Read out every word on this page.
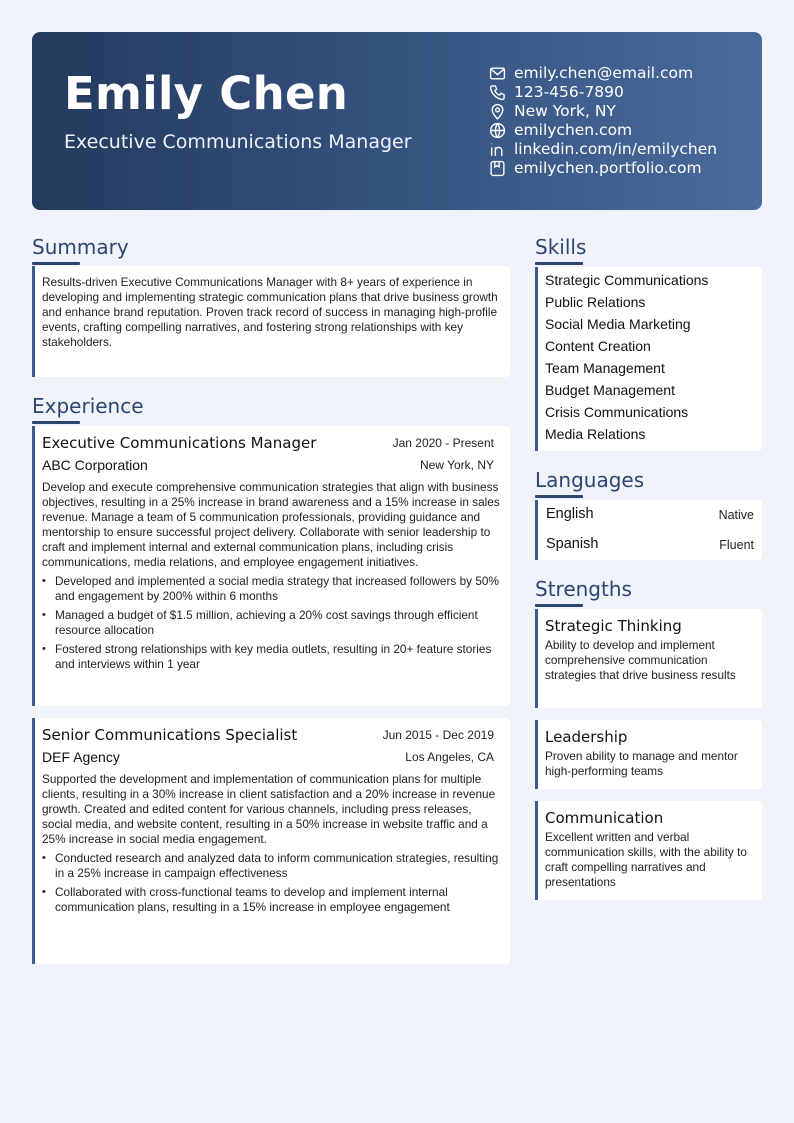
Emily Chen
Executive Communications Manager
emily.chen@email.com
123-456-7890
New York, NY
emilychen.com
linkedin.com/in/emilychen
emilychen.portfolio.com
Summary

Results-driven Executive Communications Manager with 8+ years of experience in developing and implementing strategic communication plans that drive business growth and enhance brand reputation. Proven track record of success in managing high-profile events, crafting compelling narratives, and fostering strong relationships with key stakeholders.

Experience
Executive Communications Manager	Jan 2020 - Present
ABC Corporation	New York, NY

Develop and execute comprehensive communication strategies that align with business objectives, resulting in a 25% increase in brand awareness and a 15% increase in sales revenue. Manage a team of 5 communication professionals, providing guidance and mentorship to ensure successful project delivery. Collaborate with senior leadership to craft and implement internal and external communication plans, including crisis communications, media relations, and employee engagement initiatives.

• Developed and implemented a social media strategy that increased followers by 50% and engagement by 200% within 6 months
• Managed a budget of $1.5 million, achieving a 20% cost savings through efficient resource allocation
• Fostered strong relationships with key media outlets, resulting in 20+ feature stories and interviews within 1 year
Senior Communications Specialist	Jun 2015 - Dec 2019
DEF Agency	Los Angeles, CA

Supported the development and implementation of communication plans for multiple clients, resulting in a 30% increase in client satisfaction and a 20% increase in revenue growth. Created and edited content for various channels, including press releases, social media, and website content, resulting in a 50% increase in website traffic and a 25% increase in social media engagement.

• Conducted research and analyzed data to inform communication strategies, resulting in a 25% increase in campaign effectiveness
• Collaborated with cross-functional teams to develop and implement internal communication plans, resulting in a 15% increase in employee engagement
Skills
Strategic Communications
Public Relations
Social Media Marketing
Content Creation
Team Management
Budget Management
Crisis Communications
Media Relations
Languages
English	Native
Spanish	Fluent
Strengths
Strategic Thinking

Ability to develop and implement comprehensive communication strategies that drive business results

Leadership

Proven ability to manage and mentor high-performing teams

Communication

Excellent written and verbal communication skills, with the ability to craft compelling narratives and presentations
